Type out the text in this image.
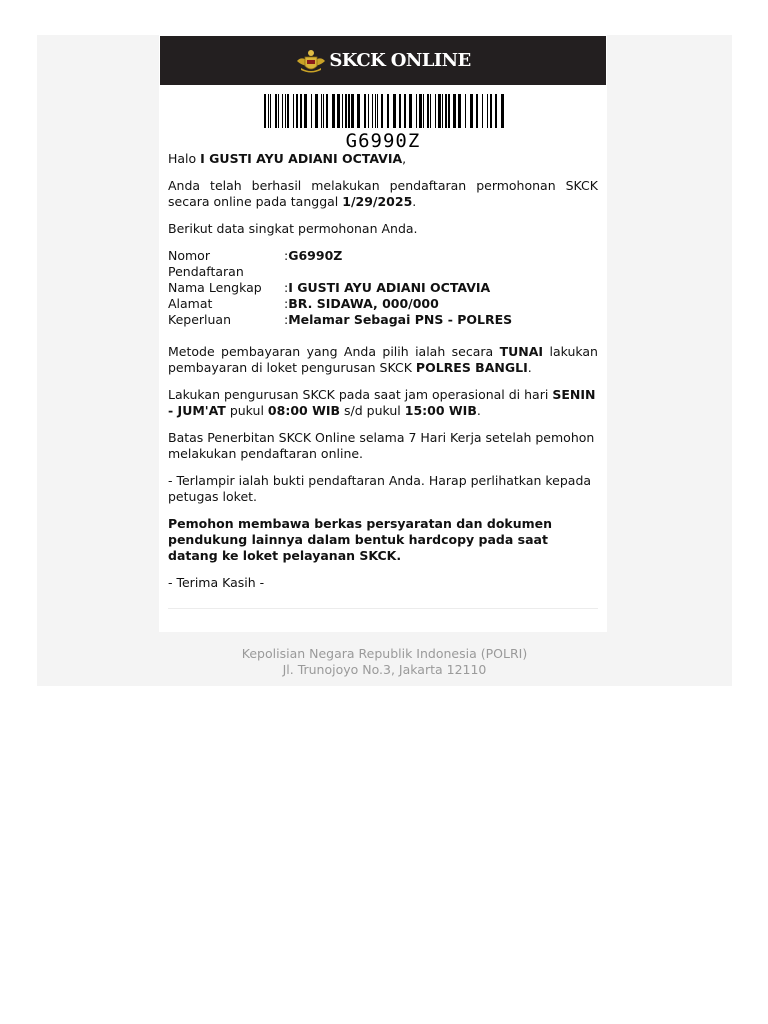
SKCK ONLINE
G6990Z

Halo I GUSTI AYU ADIANI OCTAVIA,

Anda telah berhasil melakukan pendaftaran permohonan SKCK secara online pada tanggal 1/29/2025.

Berikut data singkat permohonan Anda.

Nomor Pendaftaran	:G6990Z
Nama Lengkap	:I GUSTI AYU ADIANI OCTAVIA
Alamat	:BR. SIDAWA, 000/000
Keperluan	:Melamar Sebagai PNS - POLRES

Metode pembayaran yang Anda pilih ialah secara TUNAI lakukan pembayaran di loket pengurusan SKCK POLRES BANGLI.

Lakukan pengurusan SKCK pada saat jam operasional di hari SENIN - JUM'AT pukul 08:00 WIB s/d pukul 15:00 WIB.

Batas Penerbitan SKCK Online selama 7 Hari Kerja setelah pemohon melakukan pendaftaran online.

- Terlampir ialah bukti pendaftaran Anda. Harap perlihatkan kepada petugas loket.

Pemohon membawa berkas persyaratan dan dokumen pendukung lainnya dalam bentuk hardcopy pada saat datang ke loket pelayanan SKCK.

- Terima Kasih -

Kepolisian Negara Republik Indonesia (POLRI)
Jl. Trunojoyo No.3, Jakarta 12110
